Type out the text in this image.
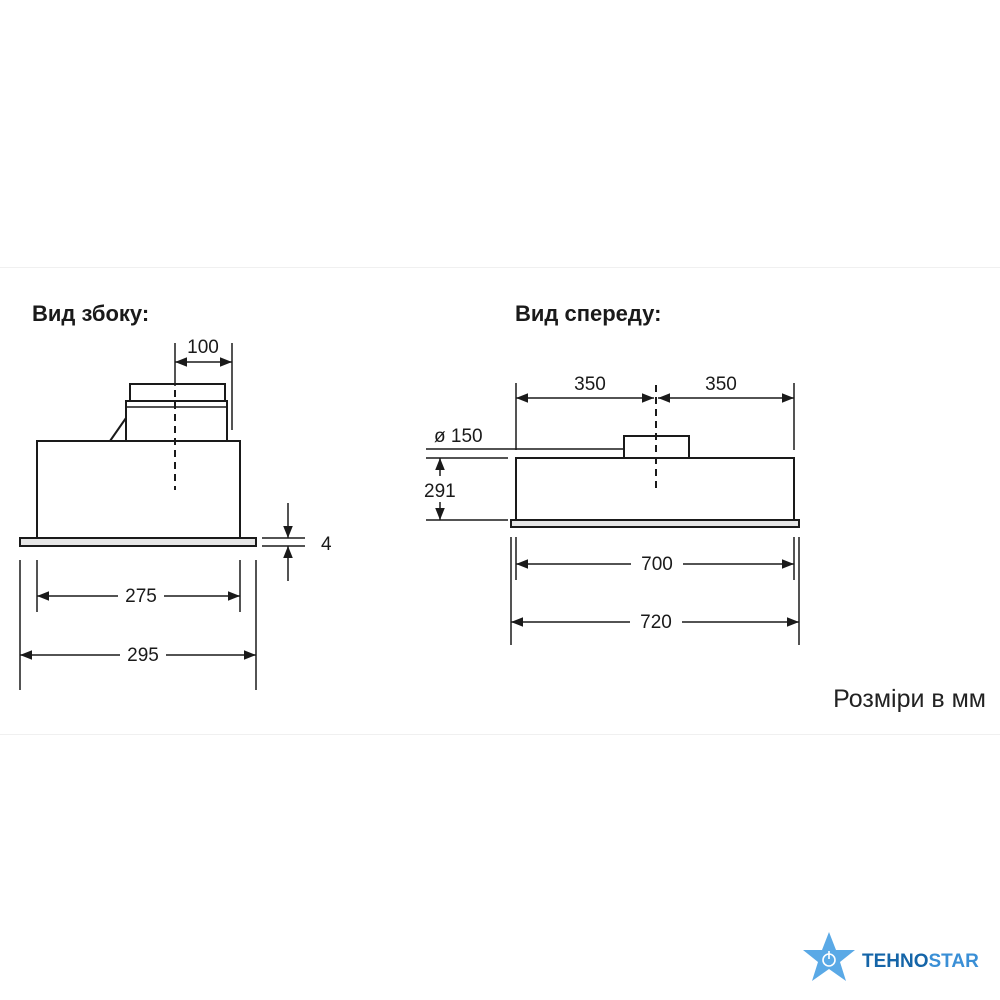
Вид збоку:
100
4
275
295
Вид спереду:
350	350
ø 150
291
700
720
Розміри в мм
TEHNOSTAR
